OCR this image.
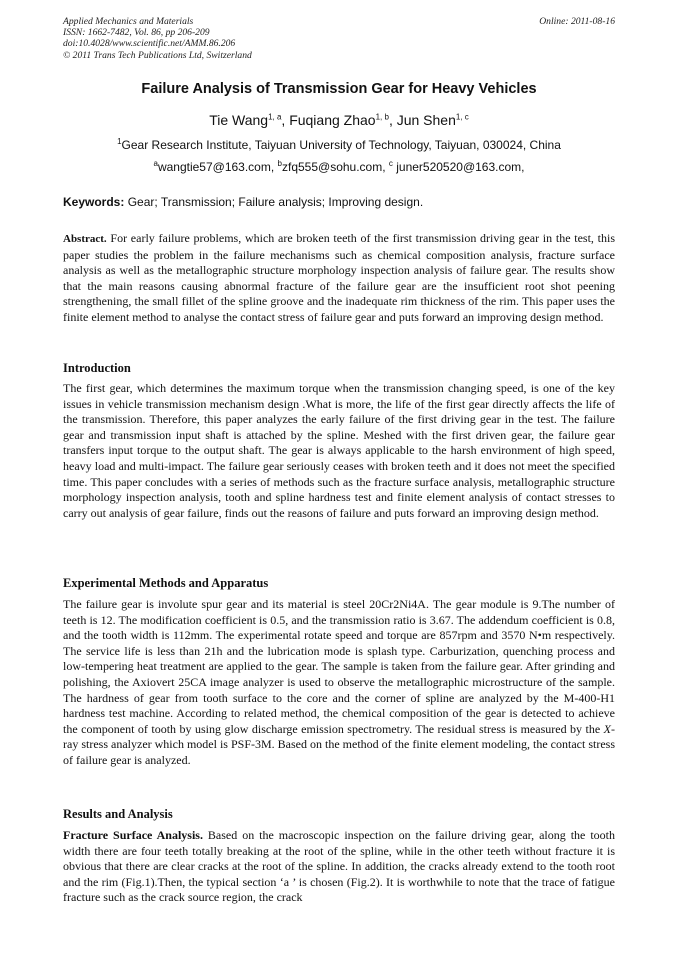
Applied Mechanics and Materials
ISSN: 1662-7482, Vol. 86, pp 206-209
doi:10.4028/www.scientific.net/AMM.86.206
© 2011 Trans Tech Publications Ltd, Switzerland
Online: 2011-08-16
Failure Analysis of Transmission Gear for Heavy Vehicles
Tie Wang$^{1, a}$, Fuqiang Zhao$^{1, b}$, Jun Shen$^{1, c}$
$^1$Gear Research Institute, Taiyuan University of Technology, Taiyuan, 030024, China
$^a$wangtie57@163.com, $^b$zfq555@sohu.com, $^c$ juner520520@163.com,
Keywords: Gear; Transmission; Failure analysis; Improving design.
Abstract. For early failure problems, which are broken teeth of the first transmission driving gear in the test, this paper studies the problem in the failure mechanisms such as chemical composition analysis, fracture surface analysis as well as the metallographic structure morphology inspection analysis of failure gear. The results show that the main reasons causing abnormal fracture of the failure gear are the insufficient root shot peening strengthening, the small fillet of the spline groove and the inadequate rim thickness of the rim. This paper uses the finite element method to analyse the contact stress of failure gear and puts forward an improving design method.
Introduction
The first gear, which determines the maximum torque when the transmission changing speed, is one of the key issues in vehicle transmission mechanism design .What is more, the life of the first gear directly affects the life of the transmission. Therefore, this paper analyzes the early failure of the first driving gear in the test. The failure gear and transmission input shaft is attached by the spline. Meshed with the first driven gear, the failure gear transfers input torque to the output shaft. The gear is always applicable to the harsh environment of high speed, heavy load and multi-impact. The failure gear seriously ceases with broken teeth and it does not meet the specified time. This paper concludes with a series of methods such as the fracture surface analysis, metallographic structure morphology inspection analysis, tooth and spline hardness test and finite element analysis of contact stresses to carry out analysis of gear failure, finds out the reasons of failure and puts forward an improving design method.
Experimental Methods and Apparatus
The failure gear is involute spur gear and its material is steel 20Cr2Ni4A. The gear module is 9.The number of teeth is 12. The modification coefficient is 0.5, and the transmission ratio is 3.67. The addendum coefficient is 0.8, and the tooth width is 112mm. The experimental rotate speed and torque are 857rpm and 3570 N•m respectively. The service life is less than 21h and the lubrication mode is splash type. Carburization, quenching process and low-tempering heat treatment are applied to the gear. The sample is taken from the failure gear. After grinding and polishing, the Axiovert 25CA image analyzer is used to observe the metallographic microstructure of the sample. The hardness of gear from tooth surface to the core and the corner of spline are analyzed by the M-400-H1 hardness test machine. According to related method, the chemical composition of the gear is detected to achieve the component of tooth by using glow discharge emission spectrometry. The residual stress is measured by the X-ray stress analyzer which model is PSF-3M. Based on the method of the finite element modeling, the contact stress of failure gear is analyzed.
Results and Analysis
Fracture Surface Analysis. Based on the macroscopic inspection on the failure driving gear, along the tooth width there are four teeth totally breaking at the root of the spline, while in the other teeth without fracture it is obvious that there are clear cracks at the root of the spline. In addition, the cracks already extend to the tooth root and the rim (Fig.1).Then, the typical section ‘a ’ is chosen (Fig.2). It is worthwhile to note that the trace of fatigue fracture such as the crack source region, the crack
